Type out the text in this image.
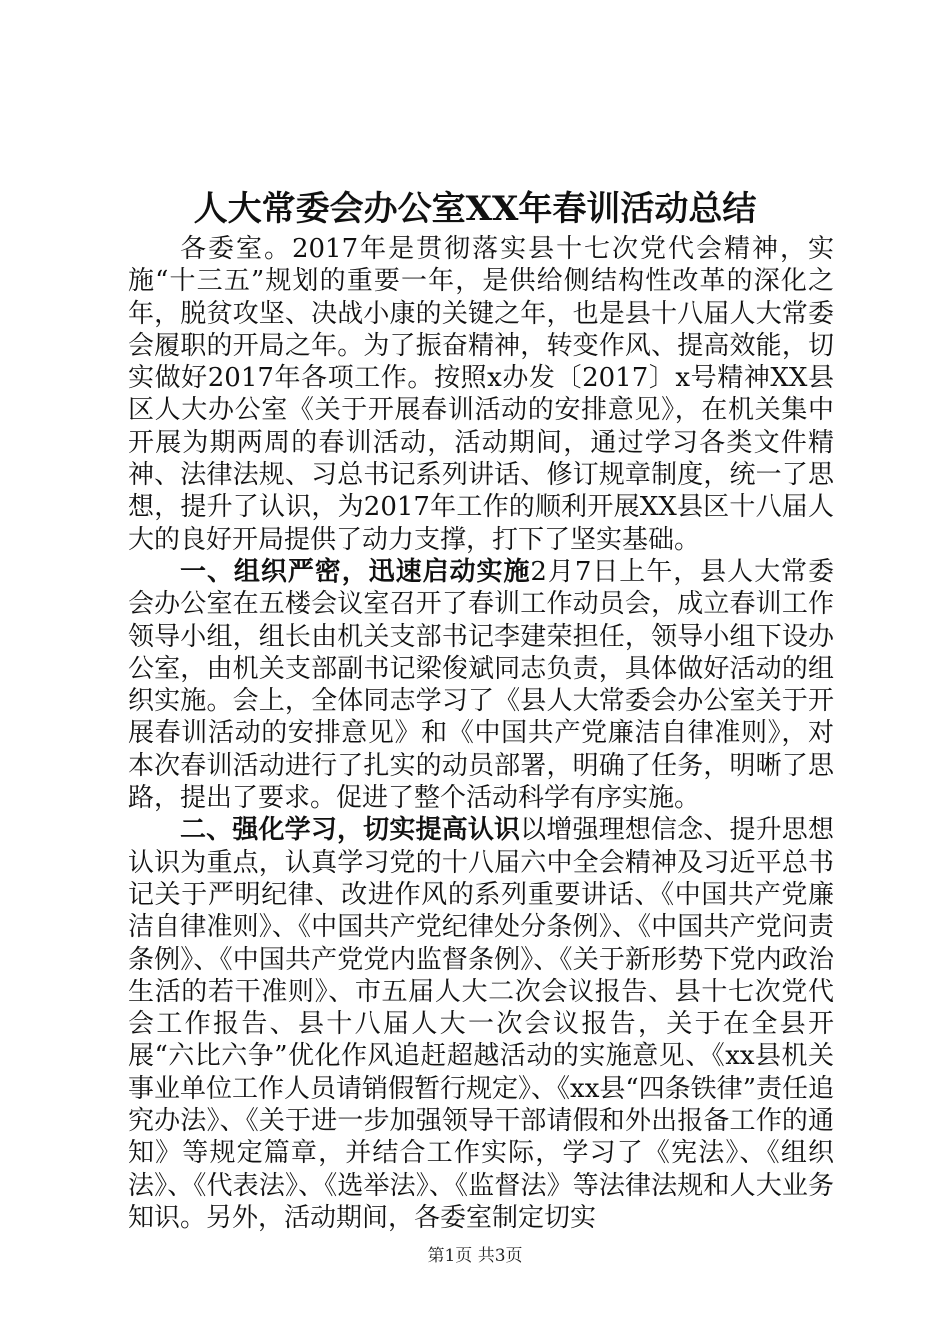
人大常委会办公室XX年春训活动总结

各委室。2017年是贯彻落实县十七次党代会精神，实施“十三五”规划的重要一年，是供给侧结构性改革的深化之年，脱贫攻坚、决战小康的关键之年，也是县十八届人大常委会履职的开局之年。为了振奋精神，转变作风、提高效能，切实做好2017年各项工作。按照x办发〔2017〕x号精神XX县区人大办公室《关于开展春训活动的安排意见》，在机关集中开展为期两周的春训活动，活动期间，通过学习各类文件精神、法律法规、习总书记系列讲话、修订规章制度，统一了思想，提升了认识，为2017年工作的顺利开展XX县区十八届人大的良好开局提供了动力支撑，打下了坚实基础。

一、组织严密，迅速启动实施2月7日上午，县人大常委会办公室在五楼会议室召开了春训工作动员会，成立春训工作领导小组，组长由机关支部书记李建荣担任，领导小组下设办公室，由机关支部副书记梁俊斌同志负责，具体做好活动的组织实施。会上，全体同志学习了《县人大常委会办公室关于开展春训活动的安排意见》和《中国共产党廉洁自律准则》，对本次春训活动进行了扎实的动员部署，明确了任务，明晰了思路，提出了要求。促进了整个活动科学有序实施。

二、强化学习，切实提高认识以增强理想信念、提升思想认识为重点，认真学习党的十八届六中全会精神及习近平总书记关于严明纪律、改进作风的系列重要讲话、《中国共产党廉洁自律准则》、《中国共产党纪律处分条例》、《中国共产党问责条例》、《中国共产党党内监督条例》、《关于新形势下党内政治生活的若干准则》、市五届人大二次会议报告、县十七次党代会工作报告、县十八届人大一次会议报告，关于在全县开展“六比六争”优化作风追赶超越活动的实施意见、《xx县机关事业单位工作人员请销假暂行规定》、《xx县“四条铁律”责任追究办法》、《关于进一步加强领导干部请假和外出报备工作的通知》等规定篇章，并结合工作实际，学习了《宪法》、《组织法》、《代表法》、《选举法》、《监督法》等法律法规和人大业务知识。另外，活动期间，各委室制定切实

第1页 共3页
